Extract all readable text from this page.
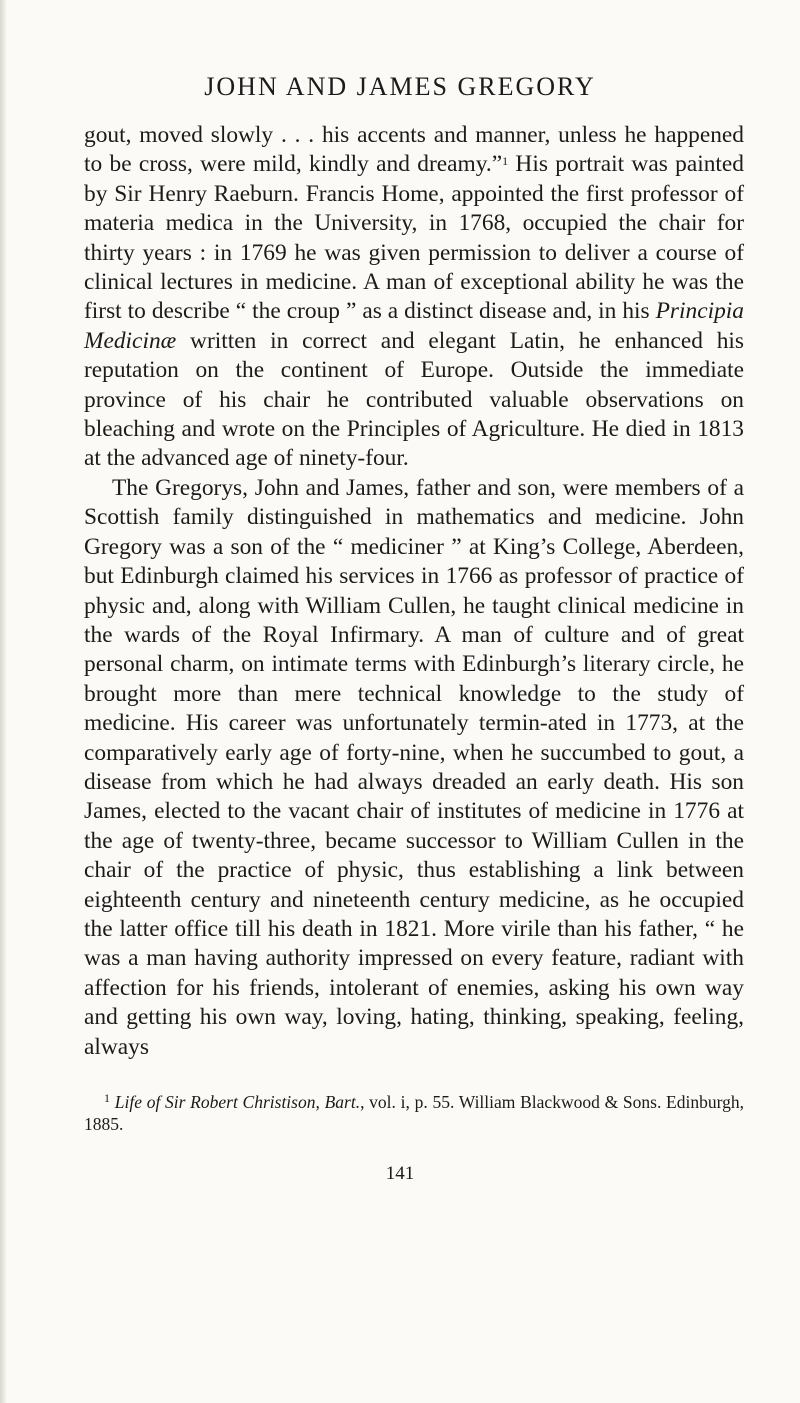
JOHN AND JAMES GREGORY

gout, moved slowly . . . his accents and manner, unless he happened to be cross, were mild, kindly and dreamy.”$^1$ His portrait was painted by Sir Henry Raeburn. Francis Home, appointed the first professor of materia medica in the University, in 1768, occupied the chair for thirty years : in 1769 he was given permission to deliver a course of clinical lectures in medicine. A man of exceptional ability he was the first to describe “ the croup ” as a distinct disease and, in his Principia Medicinæ written in correct and elegant Latin, he enhanced his reputation on the continent of Europe. Outside the immediate province of his chair he contributed valuable observations on bleaching and wrote on the Principles of Agriculture. He died in 1813 at the advanced age of ninety-four.

The Gregorys, John and James, father and son, were members of a Scottish family distinguished in mathematics and medicine. John Gregory was a son of the “ mediciner ” at King’s College, Aberdeen, but Edinburgh claimed his services in 1766 as professor of practice of physic and, along with William Cullen, he taught clinical medicine in the wards of the Royal Infirmary. A man of culture and of great personal charm, on intimate terms with Edinburgh’s literary circle, he brought more than mere technical knowledge to the study of medicine. His career was unfortunately termin-ated in 1773, at the comparatively early age of forty-nine, when he succumbed to gout, a disease from which he had always dreaded an early death. His son James, elected to the vacant chair of institutes of medicine in 1776 at the age of twenty-three, became successor to William Cullen in the chair of the practice of physic, thus establishing a link between eighteenth century and nineteenth century medicine, as he occupied the latter office till his death in 1821. More virile than his father, “ he was a man having authority impressed on every feature, radiant with affection for his friends, intolerant of enemies, asking his own way and getting his own way, loving, hating, thinking, speaking, feeling, always

$^1$ Life of Sir Robert Christison, Bart., vol. i, p. 55. William Blackwood & Sons. Edinburgh, 1885.
141
